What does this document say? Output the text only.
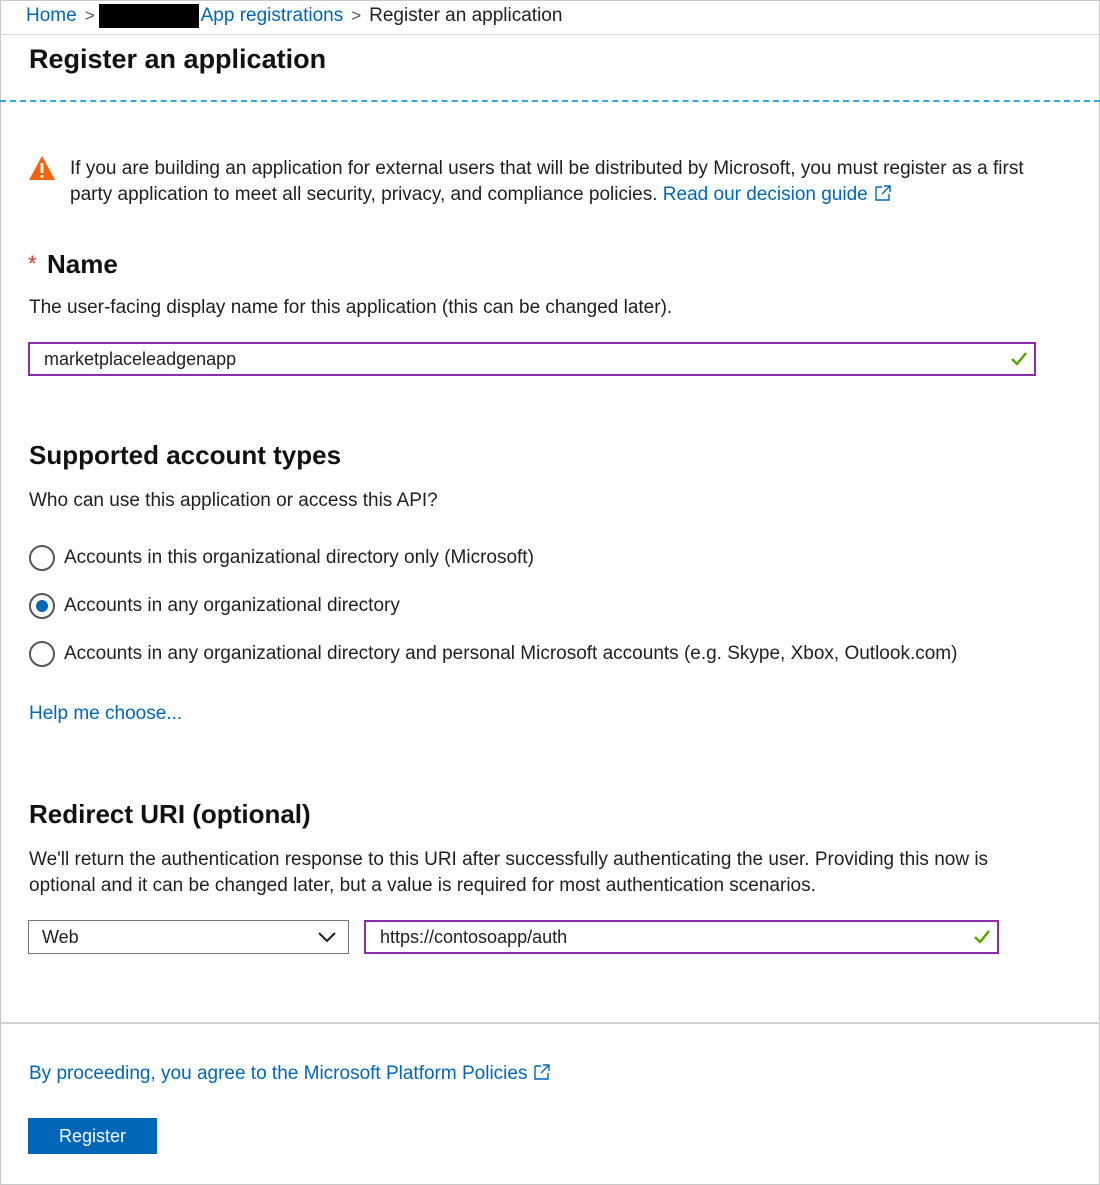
Home >	App registrations > Register an application
Register an application

If you are building an application for external users that will be distributed by Microsoft, you must register as a first party application to meet all security, privacy, and compliance policies. Read our decision guide

* Name

The user-facing display name for this application (this can be changed later).

marketplaceleadgenapp
Supported account types

Who can use this application or access this API?

Accounts in this organizational directory only (Microsoft)
Accounts in any organizational directory
Accounts in any organizational directory and personal Microsoft accounts (e.g. Skype, Xbox, Outlook.com)
Help me choose...
Redirect URI (optional)

We'll return the authentication response to this URI after successfully authenticating the user. Providing this now is optional and it can be changed later, but a value is required for most authentication scenarios.

Web
https://contosoapp/auth

By proceeding, you agree to the Microsoft Platform Policies

Register
